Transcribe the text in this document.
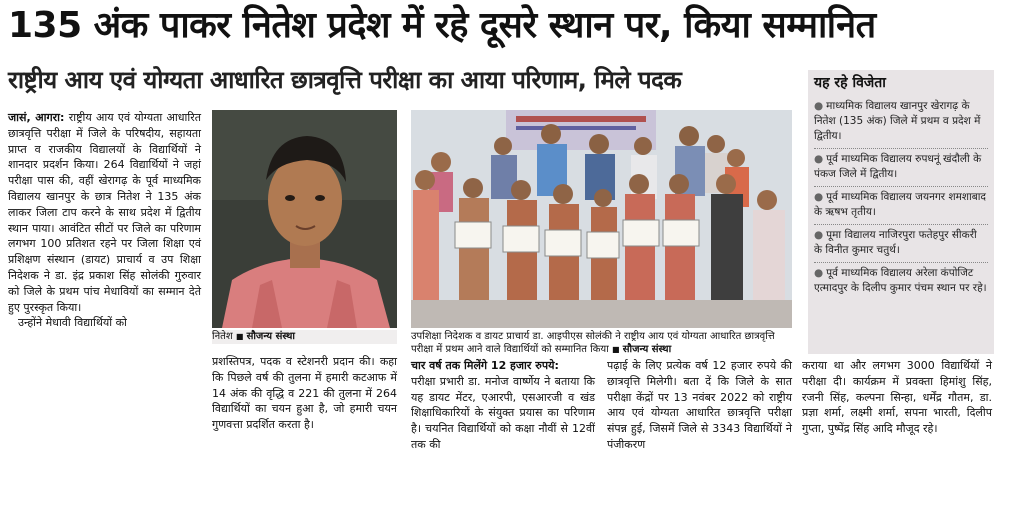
135 अंक पाकर नितेश प्रदेश में रहे दूसरे स्थान पर, किया सम्मानित
राष्ट्रीय आय एवं योग्यता आधारित छात्रवृत्ति परीक्षा का आया परिणाम, मिले पदक
जासं, आगरा: राष्ट्रीय आय एवं योग्यता आधारित छात्रवृत्ति परीक्षा में जिले के परिषदीय, सहायता प्राप्त व राजकीय विद्यालयों के विद्यार्थियों ने शानदार प्रदर्शन किया। 264 विद्यार्थियों ने जहां परीक्षा पास की, वहीं खेरागढ़ के पूर्व माध्यमिक विद्यालय खानपुर के छात्र नितेश ने 135 अंक लाकर जिला टाप करने के साथ प्रदेश में द्वितीय स्थान पाया। आवंटित सीटों पर जिले का परिणाम लगभग 100 प्रतिशत रहने पर जिला शिक्षा एवं प्रशिक्षण संस्थान (डायट) प्राचार्य व उप शिक्षा निदेशक ने डा. इंद्र प्रकाश सिंह सोलंकी गुरुवार को जिले के प्रथम पांच मेधावियों का सम्मान देते हुए पुरस्कृत किया।
उन्होंने मेधावी विद्यार्थियों को
नितेश ■ सौजन्य संस्था	उपशिक्षा निदेशक व डायट प्राचार्य डा. आइपीएस सोलंकी ने राष्ट्रीय आय एवं योग्यता आधारित छात्रवृत्ति परीक्षा में प्रथम आने वाले विद्यार्थियों को सम्मानित किया ■ सौजन्य संस्था
यह रहे विजेता
● माध्यमिक विद्यालय खानपुर खेरागढ़ के नितेश (135 अंक) जिले में प्रथम व प्रदेश में द्वितीय।
● पूर्व माध्यमिक विद्यालय रुपधनूं खंदौली के पंकज जिले में द्वितीय।
● पूर्व माध्यमिक विद्यालय जयनगर शमशाबाद के ऋषभ तृतीय।
● पूमा विद्यालय नाजिरपुरा फतेहपुर सीकरी के विनीत कुमार चतुर्थ।
● पूर्व माध्यमिक विद्यालय अरेला कंपोजिट एत्मादपुर के दिलीप कुमार पंचम स्थान पर रहे।
प्रशस्तिपत्र, पदक व स्टेशनरी प्रदान की। कहा कि पिछले वर्ष की तुलना में हमारी कटआफ में 14 अंक की वृद्धि व 221 की तुलना में 264 विद्यार्थियों का चयन हुआ है, जो हमारी चयन गुणवत्ता प्रदर्शित करता है।
चार वर्ष तक मिलेंगे 12 हजार रुपये:
परीक्षा प्रभारी डा. मनोज वार्ष्णेय ने बताया कि यह डायट मेंटर, एआरपी, एसआरजी व खंड शिक्षाधिकारियों के संयुक्त प्रयास का परिणाम है। चयनित विद्यार्थियों को कक्षा नौवीं से 12वीं तक की
पढ़ाई के लिए प्रत्येक वर्ष 12 हजार रुपये की छात्रवृत्ति मिलेगी। बता दें कि जिले के सात परीक्षा केंद्रों पर 13 नवंबर 2022 को राष्ट्रीय आय एवं योग्यता आधारित छात्रवृत्ति परीक्षा संपन्न हुई, जिसमें जिले से 3343 विद्यार्थियों ने पंजीकरण
कराया था और लगभग 3000 विद्यार्थियों ने परीक्षा दी। कार्यक्रम में प्रवक्ता हिमांशु सिंह, रजनी सिंह, कल्पना सिन्हा, धर्मेंद्र गौतम, डा. प्रज्ञा शर्मा, लक्ष्मी शर्मा, सपना भारती, दिलीप गुप्ता, पुष्पेंद्र सिंह आदि मौजूद रहे।
